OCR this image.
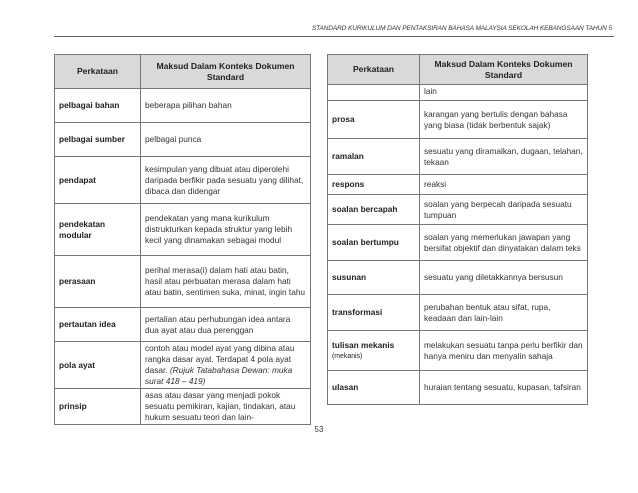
STANDARD KURIKULUM DAN PENTAKSIRAN BAHASA MALAYSIA SEKOLAH KEBANGSAAN TAHUN 5
Perkataan	Maksud Dalam Konteks Dokumen Standard
pelbagai bahan	beberapa pilihan bahan
pelbagai sumber	pelbagai punca
pendapat	kesimpulan yang dibuat atau diperolehi daripada berfikir pada sesuatu yang dilihat, dibaca dan didengar
pendekatan modular	pendekatan yang mana kurikulum distrukturkan kepada struktur yang lebih kecil yang dinamakan sebagai modul
perasaan	perihal merasa(i) dalam hati atau batin, hasil atau perbuatan merasa dalam hati atau batin, sentimen suka, minat, ingin tahu
pertautan idea	pertalian atau perhubungan idea antara dua ayat atau dua perenggan
pola ayat	contoh atau model ayat yang dibina atau rangka dasar ayat. Terdapat 4 pola ayat dasar. (Rujuk Tatabahasa Dewan: muka surat 418 – 419)
prinsip	asas atau dasar yang menjadi pokok sesuatu pemikiran, kajian, tindakan, atau hukum sesuatu teori dan lain-
Perkataan	Maksud Dalam Konteks Dokumen Standard
	lain
prosa	karangan yang bertulis dengan bahasa yang biasa (tidak berbentuk sajak)
ramalan	sesuatu yang diramalkan, dugaan, telahan, tekaan
respons	reaksi
soalan bercapah	soalan yang berpecah daripada sesuatu tumpuan
soalan bertumpu	soalan yang memerlukan jawapan yang bersifat objektif dan dinyatakan dalam teks
susunan	sesuatu yang diletakkannya bersusun
transformasi	perubahan bentuk atau sifat, rupa, keadaan dan lain-lain
tulisan mekanis
(mekanis)	melakukan sesuatu tanpa perlu berfikir dan hanya meniru dan menyalin sahaja
ulasan	huraian tentang sesuatu, kupasan, tafsiran
53
